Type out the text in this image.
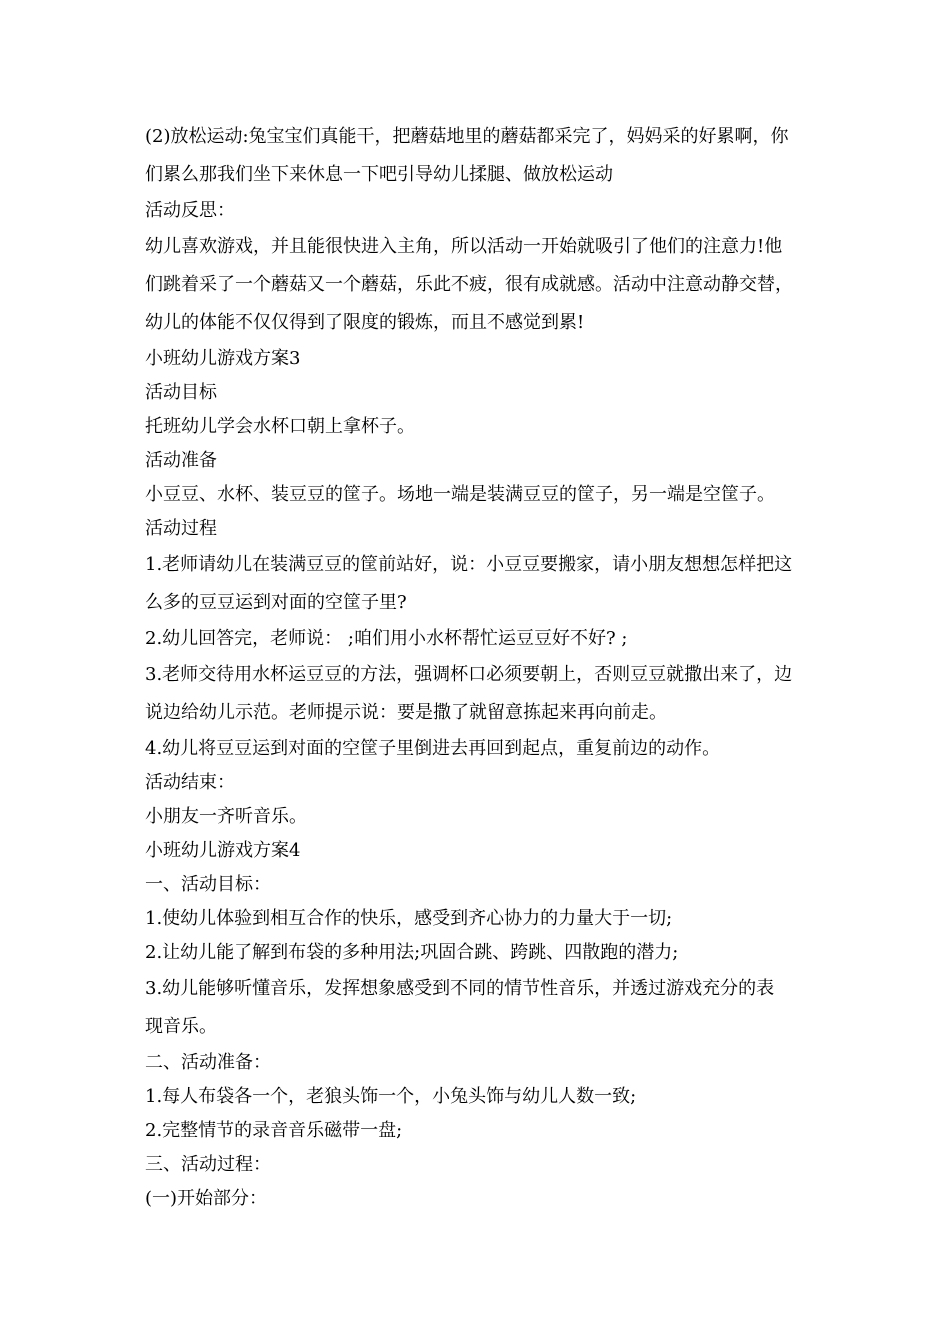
(2)放松运动:兔宝宝们真能干，把蘑菇地里的蘑菇都采完了，妈妈采的好累啊，你
们累么那我们坐下来休息一下吧引导幼儿揉腿、做放松运动
活动反思：
幼儿喜欢游戏，并且能很快进入主角，所以活动一开始就吸引了他们的注意力!他
们跳着采了一个蘑菇又一个蘑菇，乐此不疲，很有成就感。活动中注意动静交替，
幼儿的体能不仅仅得到了限度的锻炼，而且不感觉到累!
小班幼儿游戏方案3
活动目标
托班幼儿学会水杯口朝上拿杯子。
活动准备
小豆豆、水杯、装豆豆的筐子。场地一端是装满豆豆的筐子，另一端是空筐子。
活动过程
1.老师请幼儿在装满豆豆的筐前站好，说：小豆豆要搬家，请小朋友想想怎样把这
么多的豆豆运到对面的空筐子里?
2.幼儿回答完，老师说： ;咱们用小水杯帮忙运豆豆好不好? ;
3.老师交待用水杯运豆豆的方法，强调杯口必须要朝上，否则豆豆就撒出来了，边
说边给幼儿示范。老师提示说：要是撒了就留意拣起来再向前走。
4.幼儿将豆豆运到对面的空筐子里倒进去再回到起点，重复前边的动作。
活动结束：
小朋友一齐听音乐。
小班幼儿游戏方案4
一、活动目标：
1.使幼儿体验到相互合作的快乐，感受到齐心协力的力量大于一切;
2.让幼儿能了解到布袋的多种用法;巩固合跳、跨跳、四散跑的潜力;
3.幼儿能够听懂音乐，发挥想象感受到不同的情节性音乐，并透过游戏充分的表
现音乐。
二、活动准备：
1.每人布袋各一个，老狼头饰一个，小兔头饰与幼儿人数一致;
2.完整情节的录音音乐磁带一盘;
三、活动过程：
(一)开始部分：
